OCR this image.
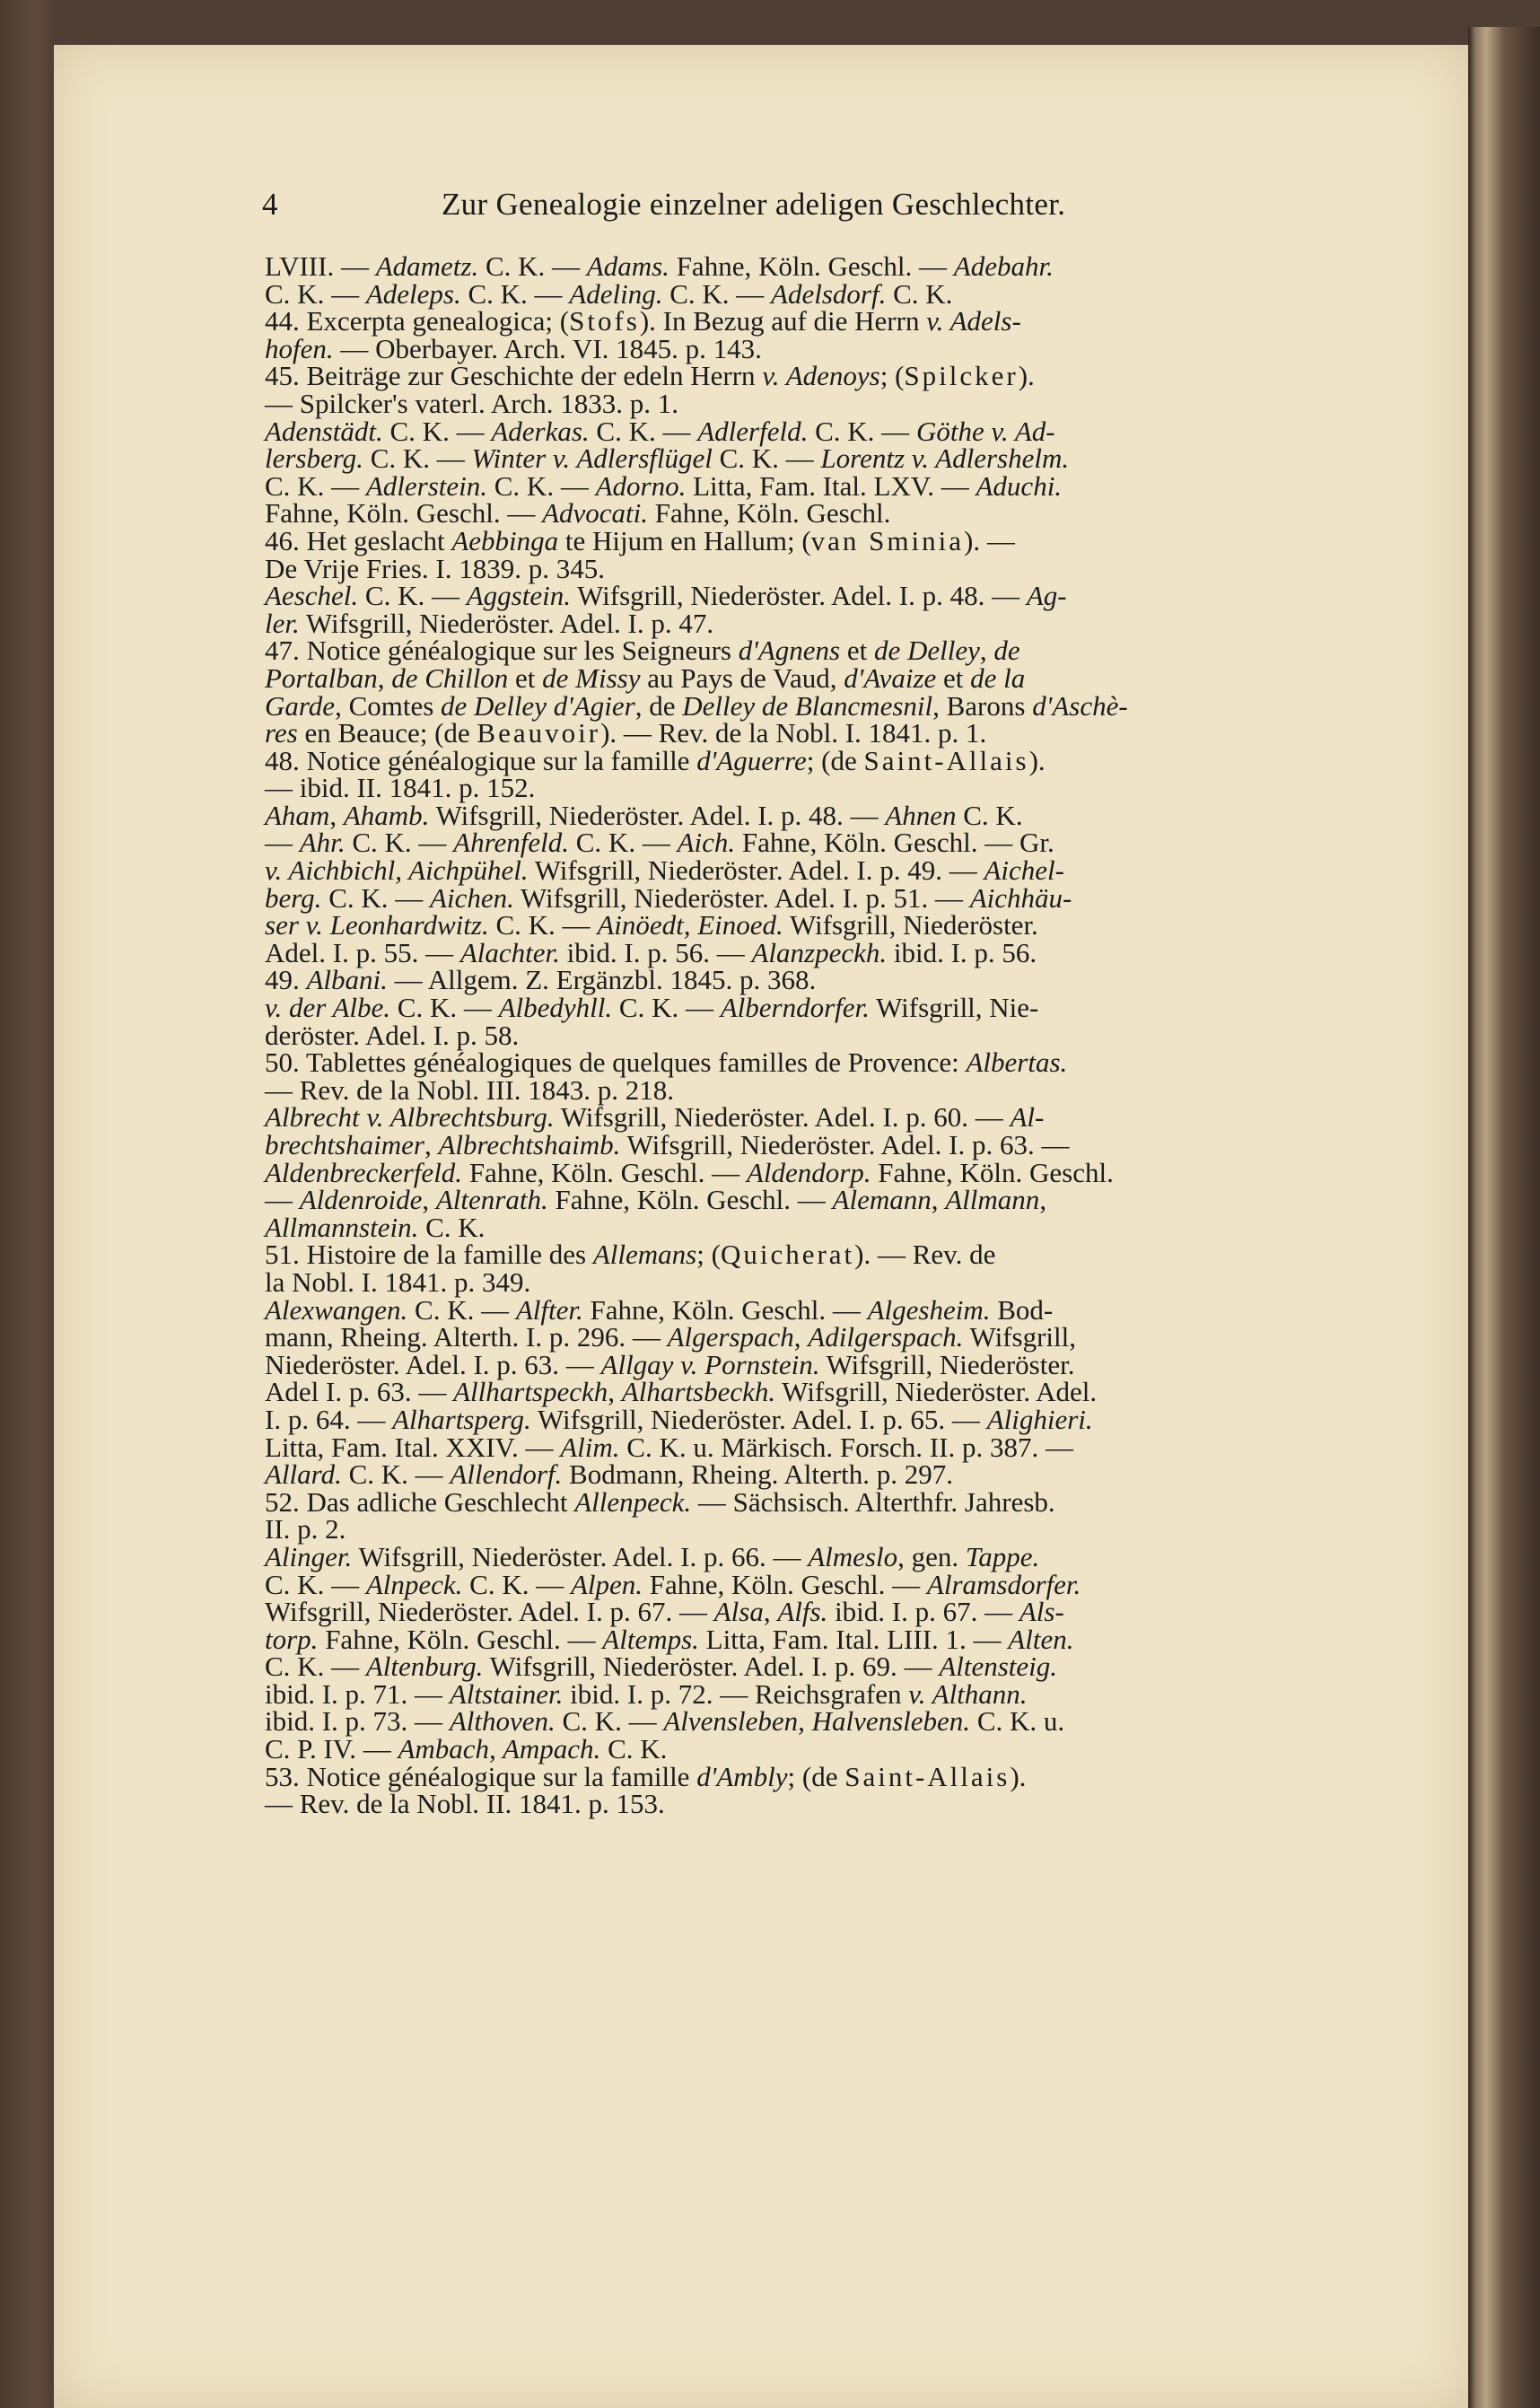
4	Zur Genealogie einzelner adeligen Geschlechter.
LVIII. — Adametz. C. K. — Adams. Fahne, Köln. Geschl. — Adebahr.
C. K. — Adeleps. C. K. — Adeling. C. K. — Adelsdorf. C. K.
44. Excerpta genealogica; (Stofs). In Bezug auf die Herrn v. Adels-
hofen. — Oberbayer. Arch. VI. 1845. p. 143.
45. Beiträge zur Geschichte der edeln Herrn v. Adenoys; (Spilcker).
— Spilcker's vaterl. Arch. 1833. p. 1.
Adenstädt. C. K. — Aderkas. C. K. — Adlerfeld. C. K. — Göthe v. Ad-
lersberg. C. K. — Winter v. Adlersflügel C. K. — Lorentz v. Adlershelm.
C. K. — Adlerstein. C. K. — Adorno. Litta, Fam. Ital. LXV. — Aduchi.
Fahne, Köln. Geschl. — Advocati. Fahne, Köln. Geschl.
46. Het geslacht Aebbinga te Hijum en Hallum; (van Sminia). —
De Vrije Fries. I. 1839. p. 345.
Aeschel. C. K. — Aggstein. Wifsgrill, Niederöster. Adel. I. p. 48. — Ag-
ler. Wifsgrill, Niederöster. Adel. I. p. 47.
47. Notice généalogique sur les Seigneurs d'Agnens et de Delley, de
Portalban, de Chillon et de Missy au Pays de Vaud, d'Avaize et de la
Garde, Comtes de Delley d'Agier, de Delley de Blancmesnil, Barons d'Aschè-
res en Beauce; (de Beauvoir). — Rev. de la Nobl. I. 1841. p. 1.
48. Notice généalogique sur la famille d'Aguerre; (de Saint-Allais).
— ibid. II. 1841. p. 152.
Aham, Ahamb. Wifsgrill, Niederöster. Adel. I. p. 48. — Ahnen C. K.
— Ahr. C. K. — Ahrenfeld. C. K. — Aich. Fahne, Köln. Geschl. — Gr.
v. Aichbichl, Aichpühel. Wifsgrill, Niederöster. Adel. I. p. 49. — Aichel-
berg. C. K. — Aichen. Wifsgrill, Niederöster. Adel. I. p. 51. — Aichhäu-
ser v. Leonhardwitz. C. K. — Ainöedt, Einoed. Wifsgrill, Niederöster.
Adel. I. p. 55. — Alachter. ibid. I. p. 56. — Alanzpeckh. ibid. I. p. 56.
49. Albani. — Allgem. Z. Ergänzbl. 1845. p. 368.
v. der Albe. C. K. — Albedyhll. C. K. — Alberndorfer. Wifsgrill, Nie-
deröster. Adel. I. p. 58.
50. Tablettes généalogiques de quelques familles de Provence: Albertas.
— Rev. de la Nobl. III. 1843. p. 218.
Albrecht v. Albrechtsburg. Wifsgrill, Niederöster. Adel. I. p. 60. — Al-
brechtshaimer, Albrechtshaimb. Wifsgrill, Niederöster. Adel. I. p. 63. —
Aldenbreckerfeld. Fahne, Köln. Geschl. — Aldendorp. Fahne, Köln. Geschl.
— Aldenroide, Altenrath. Fahne, Köln. Geschl. — Alemann, Allmann,
Allmannstein. C. K.
51. Histoire de la famille des Allemans; (Quicherat). — Rev. de
la Nobl. I. 1841. p. 349.
Alexwangen. C. K. — Alfter. Fahne, Köln. Geschl. — Algesheim. Bod-
mann, Rheing. Alterth. I. p. 296. — Algerspach, Adilgerspach. Wifsgrill,
Niederöster. Adel. I. p. 63. — Allgay v. Pornstein. Wifsgrill, Niederöster.
Adel I. p. 63. — Allhartspeckh, Alhartsbeckh. Wifsgrill, Niederöster. Adel.
I. p. 64. — Alhartsperg. Wifsgrill, Niederöster. Adel. I. p. 65. — Alighieri.
Litta, Fam. Ital. XXIV. — Alim. C. K. u. Märkisch. Forsch. II. p. 387. —
Allard. C. K. — Allendorf. Bodmann, Rheing. Alterth. p. 297.
52. Das adliche Geschlecht Allenpeck. — Sächsisch. Alterthfr. Jahresb.
II. p. 2.
Alinger. Wifsgrill, Niederöster. Adel. I. p. 66. — Almeslo, gen. Tappe.
C. K. — Alnpeck. C. K. — Alpen. Fahne, Köln. Geschl. — Alramsdorfer.
Wifsgrill, Niederöster. Adel. I. p. 67. — Alsa, Alfs. ibid. I. p. 67. — Als-
torp. Fahne, Köln. Geschl. — Altemps. Litta, Fam. Ital. LIII. 1. — Alten.
C. K. — Altenburg. Wifsgrill, Niederöster. Adel. I. p. 69. — Altensteig.
ibid. I. p. 71. — Altstainer. ibid. I. p. 72. — Reichsgrafen v. Althann.
ibid. I. p. 73. — Althoven. C. K. — Alvensleben, Halvensleben. C. K. u.
C. P. IV. — Ambach, Ampach. C. K.
53. Notice généalogique sur la famille d'Ambly; (de Saint-Allais).
— Rev. de la Nobl. II. 1841. p. 153.
